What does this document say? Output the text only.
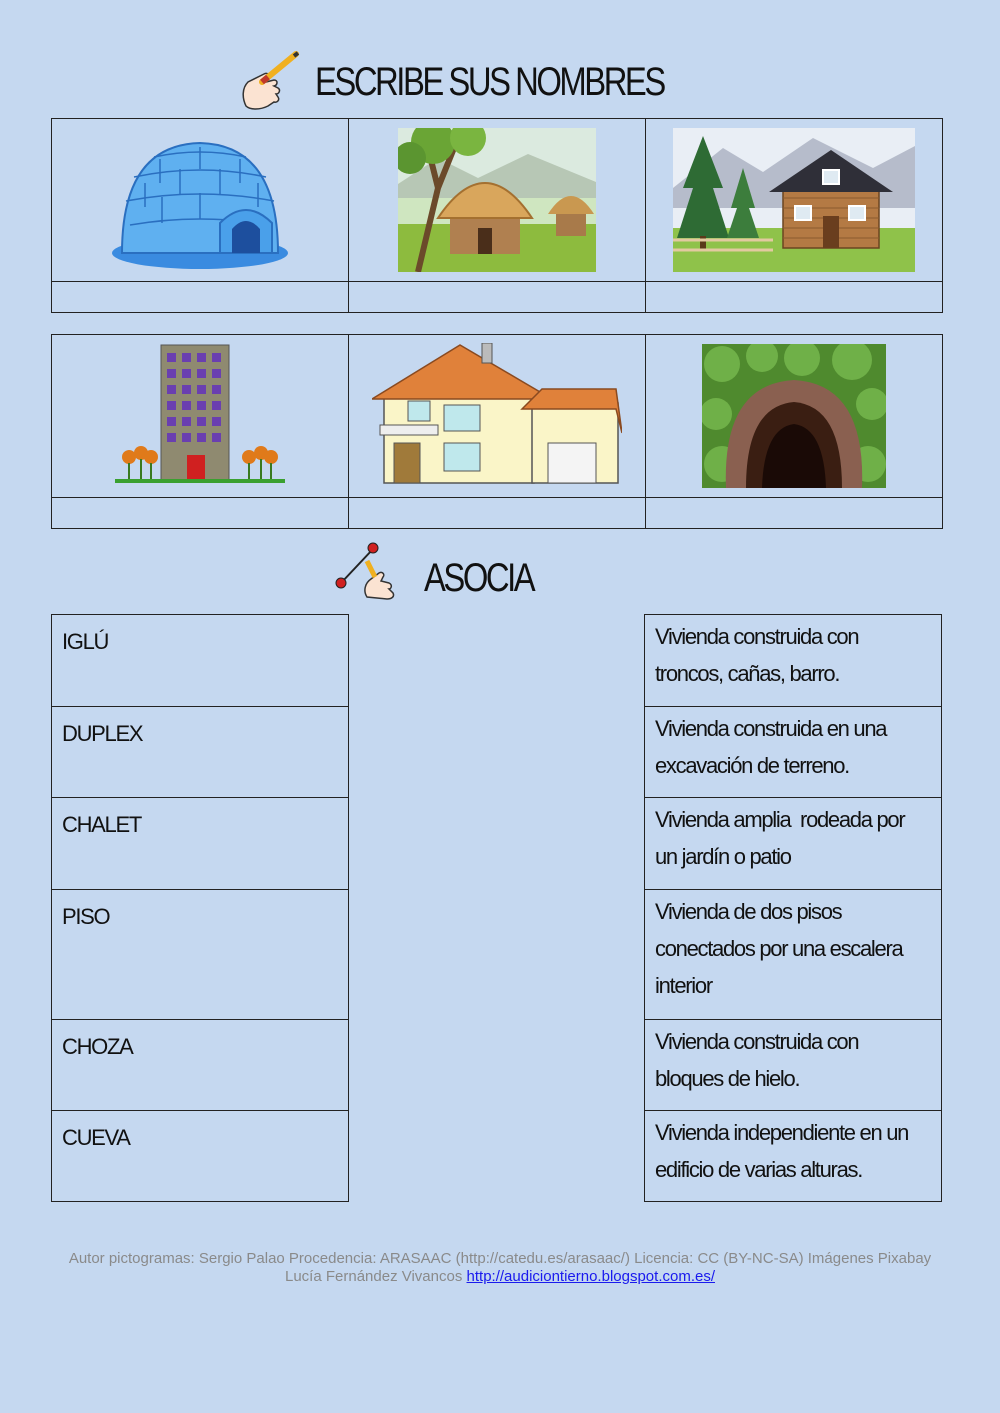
ESCRIBE SUS NOMBRES

ASOCIA
IGLÚ
DUPLEX
CHALET
PISO
CHOZA
CUEVA
Vivienda construida con
troncos, cañas, barro.
Vivienda construida en una
excavación de terreno.
Vivienda amplia  rodeada por
un jardín o patio
Vivienda de dos pisos
conectados por una escalera
interior
Vivienda construida con
bloques de hielo.
Vivienda independiente en un
edificio de varias alturas.
Autor pictogramas: Sergio Palao Procedencia: ARASAAC (http://catedu.es/arasaac/) Licencia: CC (BY-NC-SA) Imágenes Pixabay
Lucía Fernández Vivancos http://audiciontierno.blogspot.com.es/
